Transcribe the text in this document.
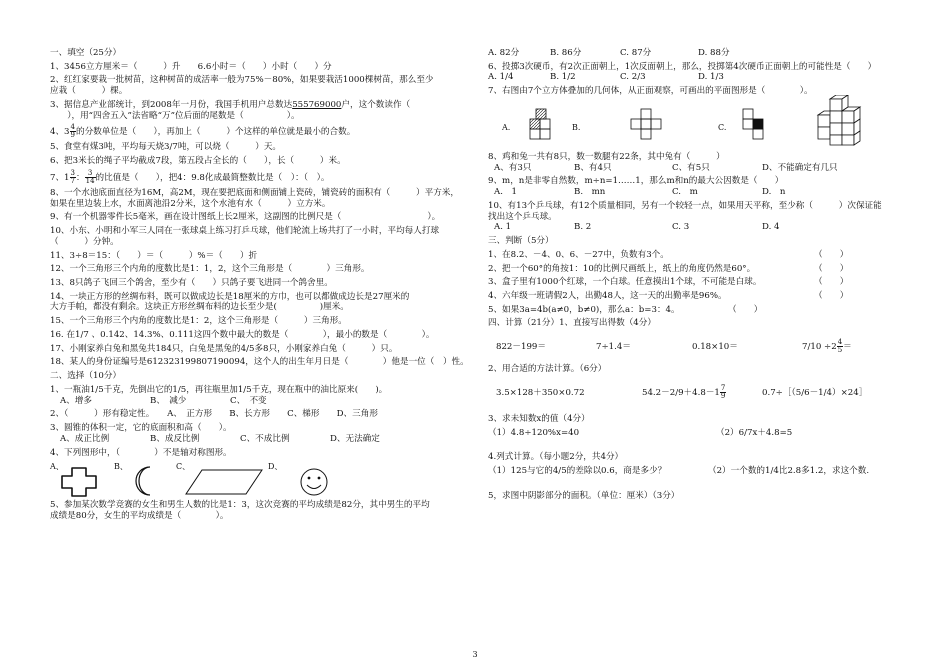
一、填空（25分）

1、3456立方厘米＝（　　　）升　　6.6小时＝（　　）小时（　　）分

2、红红家要栽一批树苗，这种树苗的成活率一般为75%－80%，如果要栽活1000棵树苗，那么至少

应栽（　　　）棵。

3、据信息产业部统计，到2008年一月份，我国手机用户总数达555769000户，这个数读作（

　　），用“四舍五入”法省略“万”位后面的尾数是（　　　　　）。

4、$3 \frac{4}{9}$ 的分数单位是（　　），再加上（　　　）个这样的单位就是最小的合数。

5、食堂有煤3吨，平均每天烧3/7吨，可以烧（　　　）天。

6、把3米长的绳子平均截成7段，第五段占全长的（　　），长（　　　）米。

7、$1 \frac{3}{7}$ ： $\frac{3}{14}$ 的比值是（　　），把4：9.8化成最简整数比是（　）：（　）。

8、一个水池底面直径为16M，高2M，现在要把底面和侧面铺上瓷砖，铺瓷砖的面积有（　　　）平方米，

如果在里边装上水，水面离池沿2分米，这个水池有水（　　　）立方米。

9、有一个机器零件长5毫米，画在设计图纸上长2厘米，这副图的比例尺是（　　　　　　　　　　）。

10、小东、小明和小军三人同在一张球桌上练习打乒乓球，他们轮流上场共打了一小时，平均每人打球

（　　　）分钟。

11、3÷8＝15：（　　）＝（　　　）%＝（　　）折

12、一个三角形三个内角的度数比是1：1，2，这个三角形是（　　　　）三角形。

13、8只鸽子飞回三个鸽舍，至少有（　　）只鸽子要飞进同一个鸽舍里。

14、一块正方形的丝绸布料，既可以做成边长是18厘米的方巾，也可以都做成边长是27厘米的

大方手帕，都没有剩余。这块正方形丝绸布料的边长至少是(　　　　　)厘米。

15、一个三角形三个内角的度数比是1：2，这个三角形是（　　　）三角形。

16. 在1/7 、0.142、14.3%、0.111这四个数中最大的数是（　　　　），最小的数是（　　　　）。

17、小刚家养白兔和黑兔共184只，白兔是黑兔的4/5多8只，小刚家养白兔（　　　）只。

18、某人的身份证编号是612323199807190094，这个人的出生年月日是（　　　　）他是一位（　）性。

二、选择（10分）

1、一瓶油1/5千克，先倒出它的1/5，再往瓶里加1/5千克，现在瓶中的油比原来(　　)。

A、增多	B、　减少	C、　不变

2、（　　　）形有稳定性。　　A、　正方形　　B、长方形　　C、梯形　　D、三角形

3、圆锥的体积一定，它的底面积和高（　　）。

A、成正比例	B、成反比例	C、不成比例	D、无法确定

4、下列图形中，（　　　　）不是轴对称图形。

A、	B、	C、	D、

5、参加某次数学竞赛的女生和男生人数的比是1：3，这次竞赛的平均成绩是82分，其中男生的平均

成绩是80分，女生的平均成绩是（　　　　）。

A. 82分	B. 86分	C. 87分	D. 88分

6、投掷3次硬币，有2次正面朝上，1次反面朝上，那么，投掷第4次硬币正面朝上的可能性是（　　）

A. 1/4	B. 1/2	C. 2/3	D. 1/3

7、右图由7个立方体叠加的几何体，从正面观察，可画出的平面图形是（　　　　）。

A.	B.	C.

8、鸡和兔一共有8只，数一数腿有22条，其中兔有（　　　）

A、有3只	B、有4只	C、有5只	D、不能确定有几只

9、m，n是非零自然数，m÷n=1……1，那么m和n的最大公因数是（　　）

A.　1	B.　mn	C.　m	D.　n

10、有13个乒乓球，有12个质量相同，另有一个较轻一点，如果用天平称，至少称（　　　）次保证能

找出这个乒乓球。

A. 1	B. 2	C. 3	D. 4

三、判断（5分）

1、在8.2、－4、0、6、－27中，负数有3个。	（　　）

2、把一个60°的角按1：10的比例尺画纸上，纸上的角度仍然是60°。	（　　）

3、盒子里有1000个红球，一个白球。任意摸出1个球，不可能是白球。	（　　）

4、六年级一班请假2人，出勤48人，这一天的出勤率是96%。	（　　）

5、如果3a=4b(a≠0，b≠0)，那么a：b=3：4。	（　　）

四、计算（21分）1、直接写出得数（4分）

822－199＝	7÷1.4＝	0.18×10＝	$7/10 \div 2 \frac{4}{5}$ ＝

2、用合适的方法计算。（6分）

3.5×128＋350×0.72	$54.2-2/9+4.8-1 \frac{7}{9}$	0.7÷［（5/6－1/4）×24］

3、求未知数x的值（4分）

（1）4.8÷120%x=40	（2）6/7x＋4.8=5

4.列式计算。（每小题2分，共4分）

（1）125与它的4/5的差除以0.6，商是多少？	（2）一个数的1/4比2.8多1.2，求这个数.

5，求图中阴影部分的面积。（单位：厘米）（3分）

3
